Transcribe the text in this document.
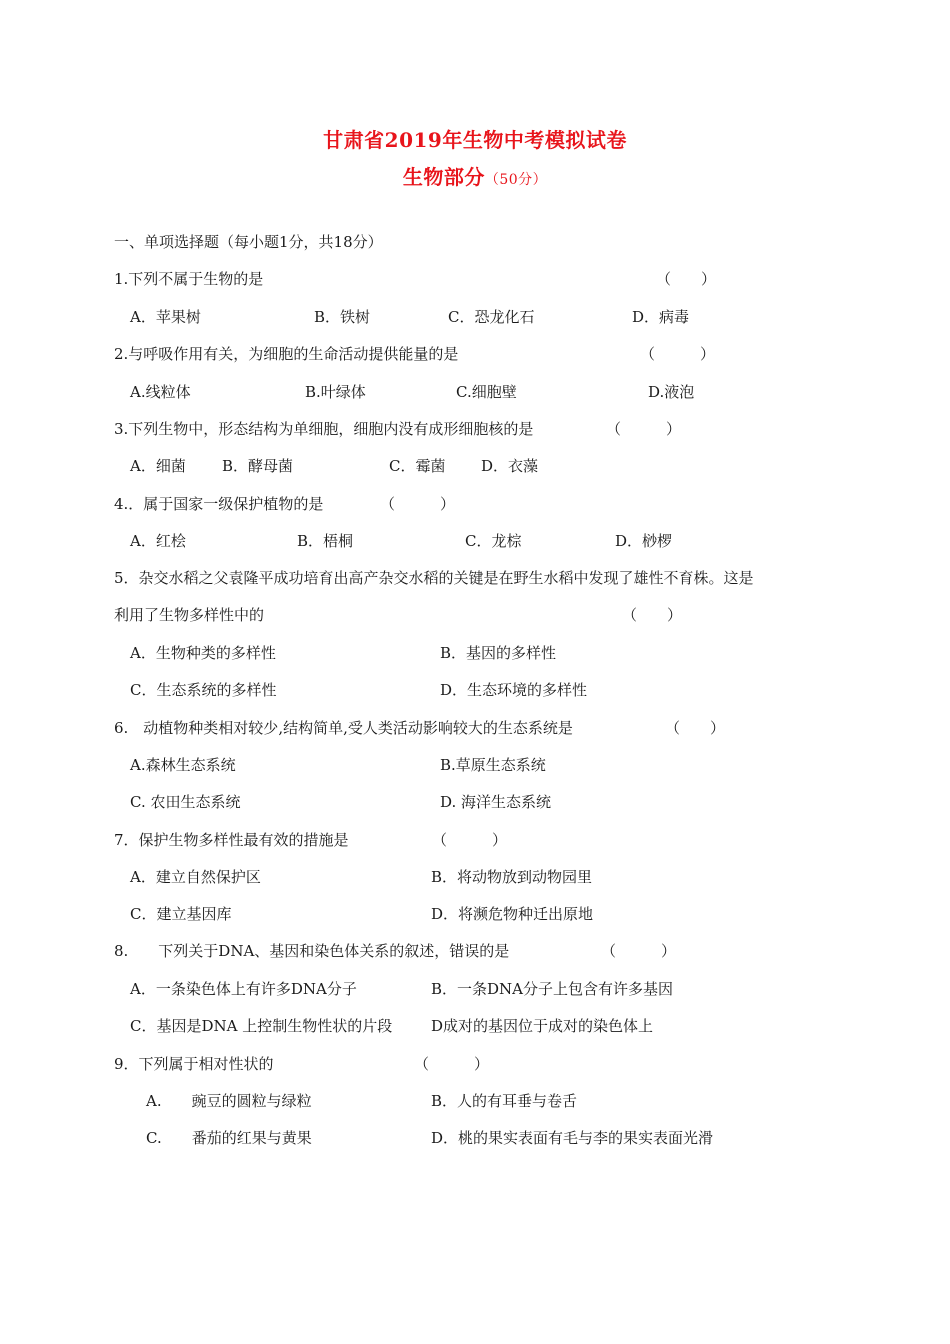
甘肃省2019年生物中考模拟试卷
生物部分（50分）
一、单项选择题（每小题1分，共18分）
1.下列不属于生物的是	（　　）
A．苹果树	B．铁树	C．恐龙化石	D．病毒
2.与呼吸作用有关，为细胞的生命活动提供能量的是	（　　　）
A.线粒体	B.叶绿体	C.细胞壁	D.液泡
3.下列生物中，形态结构为单细胞，细胞内没有成形细胞核的是	（　　　）
A．细菌 B．酵母菌	C．霉菌 D．衣藻
4.．属于国家一级保护植物的是	（　　　）
A．红桧	B．梧桐	C．龙棕	D．桫椤
5．杂交水稻之父袁隆平成功培育出高产杂交水稻的关键是在野生水稻中发现了雄性不育株。这是
利用了生物多样性中的	（　　）
A．生物种类的多样性	B．基因的多样性
C．生态系统的多样性	D．生态环境的多样性
6.　动植物种类相对较少,结构简单,受人类活动影响较大的生态系统是	（　　）
A.森林生态系统	B.草原生态系统
C. 农田生态系统	D. 海洋生态系统
7．保护生物多样性最有效的措施是	（　　　）
A．建立自然保护区	B．将动物放到动物园里
C．建立基因库	D．将濒危物种迁出原地
8.　　下列关于DNA、基因和染色体关系的叙述，错误的是	（　　　）
A．一条染色体上有许多DNA分子	B．一条DNA分子上包含有许多基因
C．基因是DNA 上控制生物性状的片段	D成对的基因位于成对的染色体上
9．下列属于相对性状的	（　　　）
A.　　豌豆的圆粒与绿粒	B．人的有耳垂与卷舌
C.　　番茄的红果与黄果	D．桃的果实表面有毛与李的果实表面光滑
